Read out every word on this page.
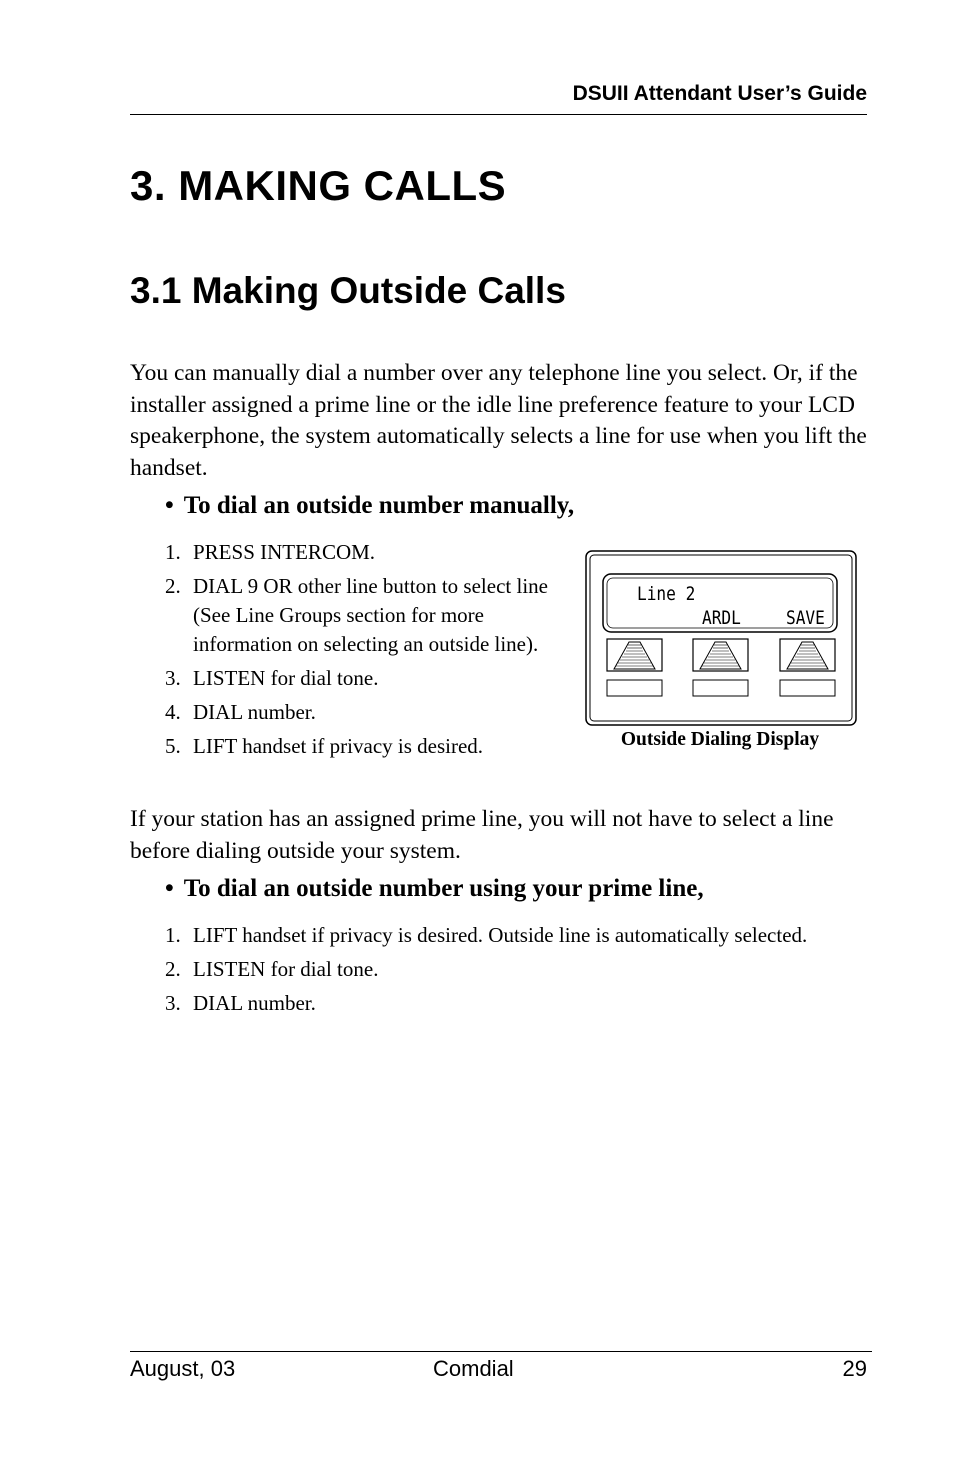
DSUII Attendant User’s Guide
3. MAKING CALLS
3.1 Making Outside Calls

You can manually dial a number over any telephone line you select. Or, if the installer assigned a prime line or the idle line preference feature to your LCD speakerphone, the system automatically selects a line for use when you lift the handset.

• To dial an outside number manually,

1. PRESS INTERCOM.
2. DIAL 9 OR other line button to select line (See Line Groups section for more information on selecting an outside line).
3. LISTEN for dial tone.
4. DIAL number.
5. LIFT handset if privacy is desired.
Line 2
ARDL SAVE
Outside Dialing Display

If your station has an assigned prime line, you will not have to select a line before dialing outside your system.

• To dial an outside number using your prime line,

1. LIFT handset if privacy is desired. Outside line is automatically selected.
2. LISTEN for dial tone.
3. DIAL number.
August, 03	Comdial	29
